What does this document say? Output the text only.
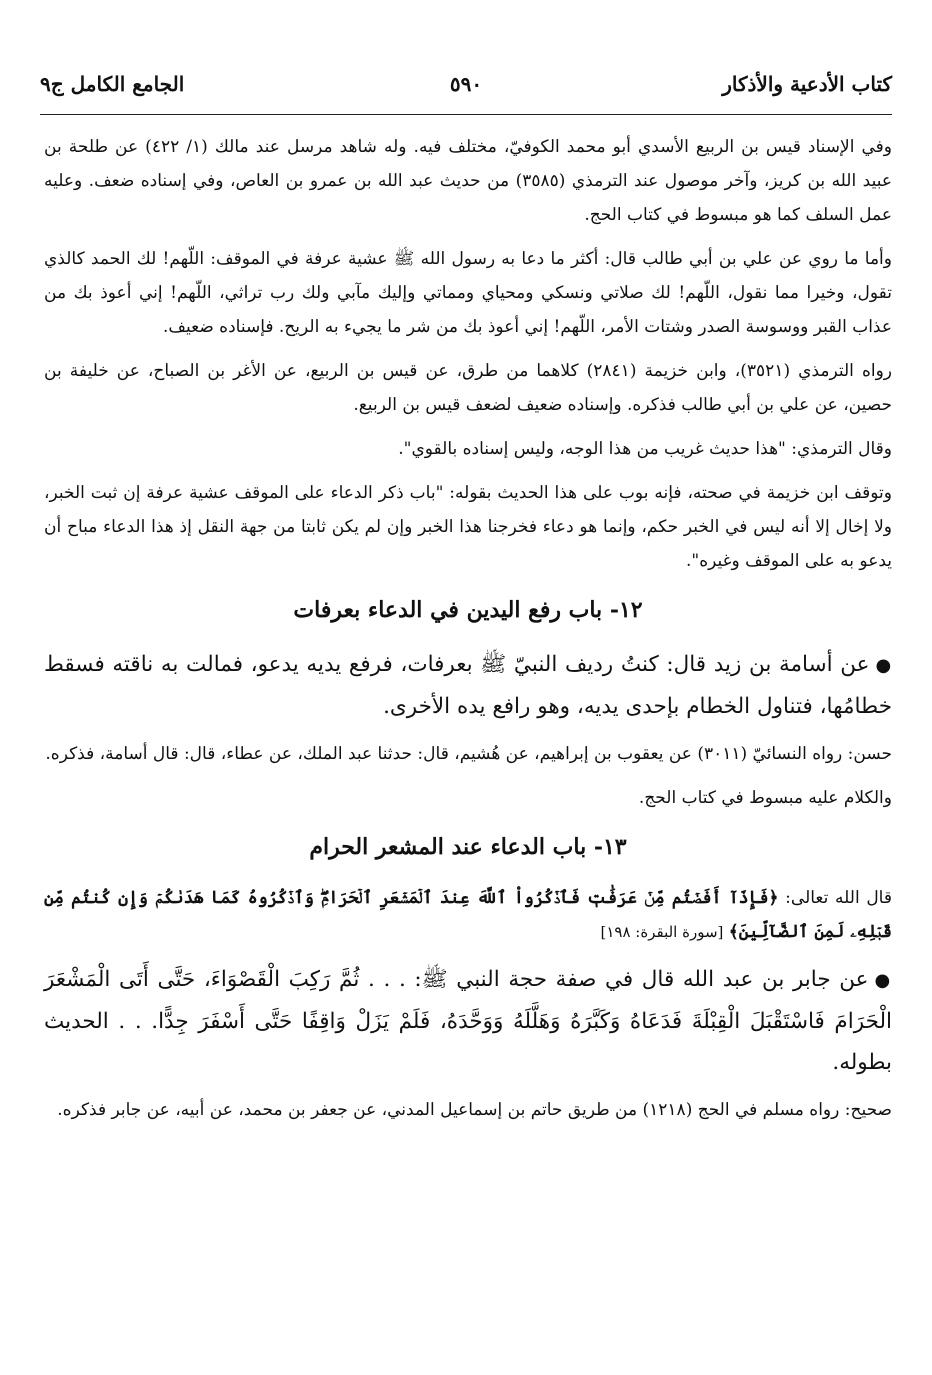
كتاب الأدعية والأذكار
٥٩٠
الجامع الكامل ج٩

وفي الإسناد قيس بن الربيع الأسدي أبو محمد الكوفيّ، مختلف فيه. وله شاهد مرسل عند مالك (١/ ٤٢٢) عن طلحة بن عبيد الله بن كريز، وآخر موصول عند الترمذي (٣٥٨٥) من حديث عبد الله بن عمرو بن العاص، وفي إسناده ضعف. وعليه عمل السلف كما هو مبسوط في كتاب الحج.

وأما ما روي عن علي بن أبي طالب قال: أكثر ما دعا به رسول الله ﷺ عشية عرفة في الموقف: اللّهم! لك الحمد كالذي تقول، وخيرا مما نقول، اللّهم! لك صلاتي ونسكي ومحياي ومماتي وإليك مآبي ولك رب تراثي، اللّهم! إني أعوذ بك من عذاب القبر ووسوسة الصدر وشتات الأمر، اللّهم! إني أعوذ بك من شر ما يجيء به الريح. فإسناده ضعيف.

رواه الترمذي (٣٥٢١)، وابن خزيمة (٢٨٤١) كلاهما من طرق، عن قيس بن الربيع، عن الأغر بن الصباح، عن خليفة بن حصين، عن علي بن أبي طالب فذكره. وإسناده ضعيف لضعف قيس بن الربيع.

وقال الترمذي: "هذا حديث غريب من هذا الوجه، وليس إسناده بالقوي".

وتوقف ابن خزيمة في صحته، فإنه بوب على هذا الحديث بقوله: "باب ذكر الدعاء على الموقف عشية عرفة إن ثبت الخبر، ولا إخال إلا أنه ليس في الخبر حكم، وإنما هو دعاء فخرجنا هذا الخبر وإن لم يكن ثابتا من جهة النقل إذ هذا الدعاء مباح أن يدعو به على الموقف وغيره".

١٢- باب رفع اليدين في الدعاء بعرفات

●عن أسامة بن زيد قال: كنتُ رديف النبيّ ﷺ بعرفات، فرفع يديه يدعو، فمالت به ناقته فسقط خطامُها، فتناول الخطام بإحدى يديه، وهو رافع يده الأخرى.

حسن: رواه النسائيّ (٣٠١١) عن يعقوب بن إبراهيم، عن هُشيم، قال: حدثنا عبد الملك، عن عطاء، قال: قال أسامة، فذكره.

والكلام عليه مبسوط في كتاب الحج.

١٣- باب الدعاء عند المشعر الحرام

قال الله تعالى: ﴿فَإِذَآ أَفَضۡتُم مِّنۡ عَرَفَٰتٖ فَٱذۡكُرُواْ ٱللَّهَ عِندَ ٱلۡمَشۡعَرِ ٱلۡحَرَامِۖ وَٱذۡكُرُوهُ كَمَا هَدَىٰكُمۡ وَإِن كُنتُم مِّن قَبۡلِهِۦ لَمِنَ ٱلضَّآلِّينَ﴾ [سورة البقرة: ١٩٨]

●عن جابر بن عبد الله قال في صفة حجة النبي ﷺ: . . . ثُمَّ رَكِبَ الْقَصْوَاءَ، حَتَّى أَتَى الْمَشْعَرَ الْحَرَامَ فَاسْتَقْبَلَ الْقِبْلَةَ فَدَعَاهُ وَكَبَّرَهُ وَهَلَّلَهُ وَوَحَّدَهُ، فَلَمْ يَزَلْ وَاقِفًا حَتَّى أَسْفَرَ جِدًّا. . . الحديث بطوله.

صحيح: رواه مسلم في الحج (١٢١٨) من طريق حاتم بن إسماعيل المدني، عن جعفر بن محمد، عن أبيه، عن جابر فذكره.
